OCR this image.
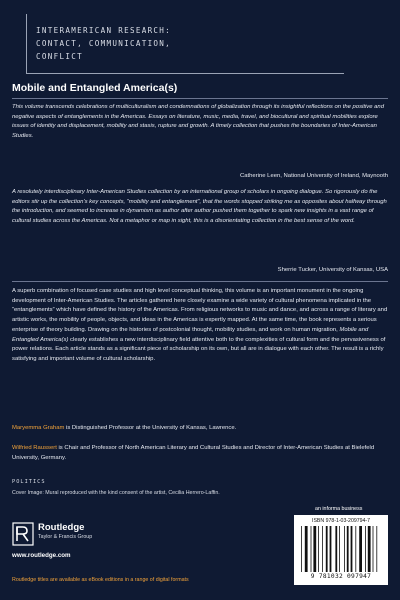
INTERAMERICAN RESEARCH:
CONTACT, COMMUNICATION,
CONFLICT
Mobile and Entangled America(s)
This volume transcends celebrations of multiculturalism and condemnations of globalization through its insightful reflections on the positive and negative aspects of entanglements in the Americas. Essays on literature, music, media, travel, and biocultural and spiritual mobilities explore issues of identity and displacement, mobility and stasis, rupture and growth. A timely collection that pushes the boundaries of Inter-American Studies.
Catherine Leen, National University of Ireland, Maynooth
A resolutely interdisciplinary Inter-American Studies collection by an international group of scholars in ongoing dialogue. So rigorously do the editors stir up the collection’s key concepts, “mobility and entanglement”, that the words stopped striking me as opposites about halfway through the introduction, and seemed to increase in dynamism as author after author pushed them together to spark new insights in a vast range of cultural studies across the Americas. Not a metaphor or map in sight, this is a disorientating collection in the best sense of the word.
Sherrie Tucker, University of Kansas, USA
A superb combination of focused case studies and high level conceptual thinking, this volume is an important monument in the ongoing development of Inter-American Studies. The articles gathered here closely examine a wide variety of cultural phenomena implicated in the “entanglements” which have defined the history of the Americas. From religious networks to music and dance, and across a range of literary and artistic works, the mobility of people, objects, and ideas in the Americas is expertly mapped. At the same time, the book represents a serious enterprise of theory building. Drawing on the histories of postcolonial thought, mobility studies, and work on human migration, Mobile and Entangled America(s) clearly establishes a new interdisciplinary field attentive both to the complexities of cultural form and the pervasiveness of power relations. Each article stands as a significant piece of scholarship on its own, but all are in dialogue with each other. The result is a richly satisfying and important volume of cultural scholarship.
Maryemma Graham is Distinguished Professor at the University of Kansas, Lawrence.
Wilfried Raussert is Chair and Professor of North American Literary and Cultural Studies and Director of Inter-American Studies at Bielefeld University, Germany.
POLITICS
Cover Image: Mural reproduced with the kind consent of the artist, Cecilia Herrero-Laffin.
Routledge
Taylor & Francis Group
www.routledge.com
an informa business
ISBN 978-1-03-209794-7
9 781032 097947
Routledge titles are available as eBook editions in a range of digital formats
